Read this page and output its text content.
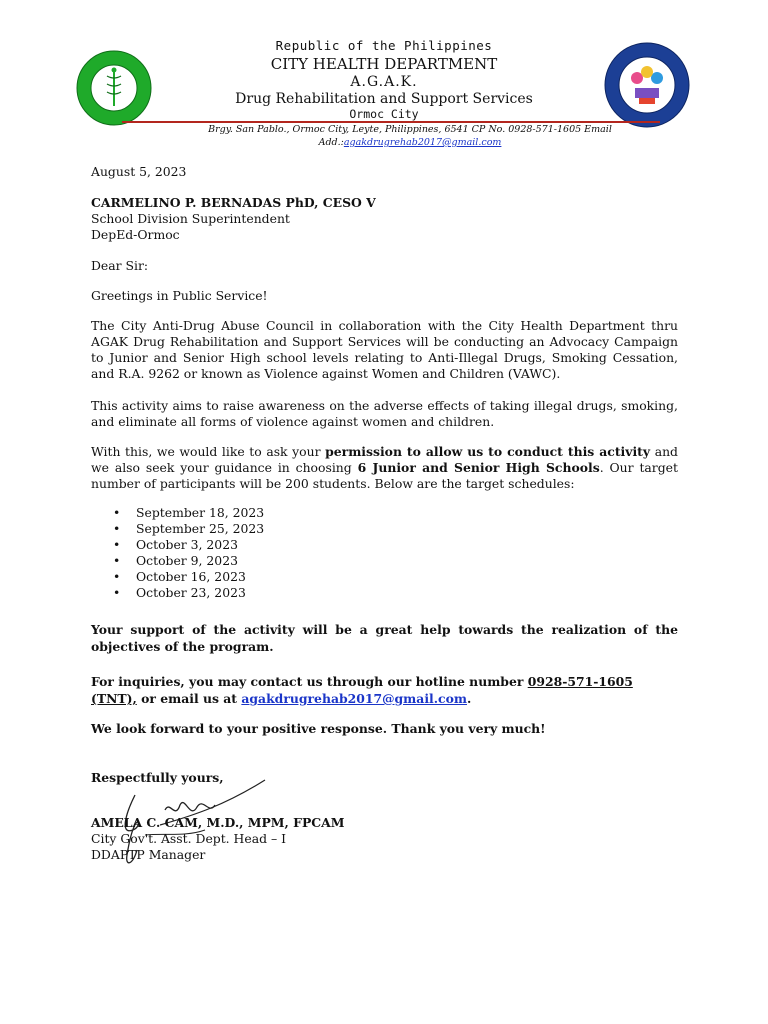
Republic of the Philippines
CITY HEALTH DEPARTMENT
A.G.A.K.
Drug Rehabilitation and Support Services
Ormoc City
Brgy. San Pablo., Ormoc City, Leyte, Philippines, 6541 CP No. 0928-571-1605 Email
Add.:agakdrugrehab2017@gmail.com
August 5, 2023
CARMELINO P. BERNADAS PhD, CESO V
School Division Superintendent
DepEd-Ormoc
Dear Sir:
Greetings in Public Service!
The City Anti-Drug Abuse Council in collaboration with the City Health Department thru AGAK Drug Rehabilitation and Support Services will be conducting an Advocacy Campaign to Junior and Senior High school levels relating to Anti-Illegal Drugs, Smoking Cessation, and R.A. 9262 or known as Violence against Women and Children (VAWC).
This activity aims to raise awareness on the adverse effects of taking illegal drugs, smoking, and eliminate all forms of violence against women and children.
With this, we would like to ask your permission to allow us to conduct this activity and we also seek your guidance in choosing 6 Junior and Senior High Schools. Our target number of participants will be 200 students. Below are the target schedules:
• September 18, 2023
• September 25, 2023
• October 3, 2023
• October 9, 2023
• October 16, 2023
• October 23, 2023
Your support of the activity will be a great help towards the realization of the objectives of the program.
For inquiries, you may contact us through our hotline number 0928-571-1605 (TNT), or email us at agakdrugrehab2017@gmail.com.
We look forward to your positive response. Thank you very much!
Respectfully yours,
AMELA C. CAM, M.D., MPM, FPCAM
City Gov't. Asst. Dept. Head – I
DDAPTP Manager
